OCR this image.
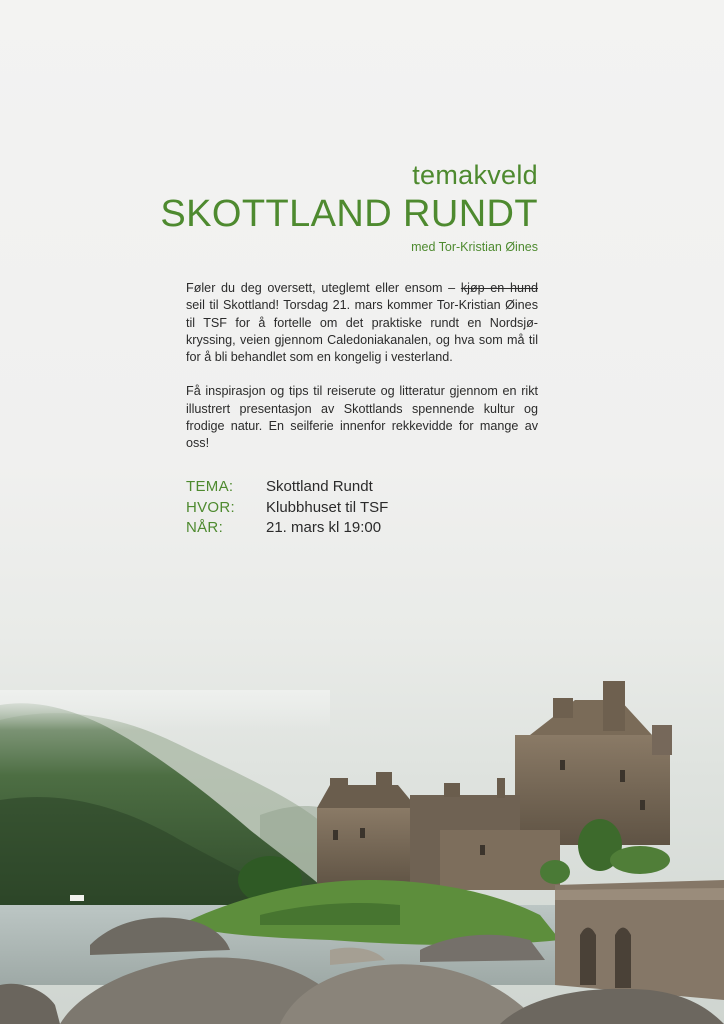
temakveld
SKOTTLAND RUNDT
med Tor-Kristian Øines

Føler du deg oversett, uteglemt eller ensom – kjøp en hund seil til Skottland! Torsdag 21. mars kommer Tor-Kristian Øines til TSF for å fortelle om det praktiske rundt en Nordsjø-kryssing, veien gjennom Caledoniakanalen, og hva som må til for å bli behandlet som en kongelig i vesterland.

Få inspirasjon og tips til reiserute og litteratur gjennom en rikt illustrert presentasjon av Skottlands spennende kultur og frodige natur. En seilferie innenfor rekkevidde for mange av oss!

TEMA:	Skottland Rundt
HVOR:	Klubbhuset til TSF
NÅR:	21. mars kl 19:00
